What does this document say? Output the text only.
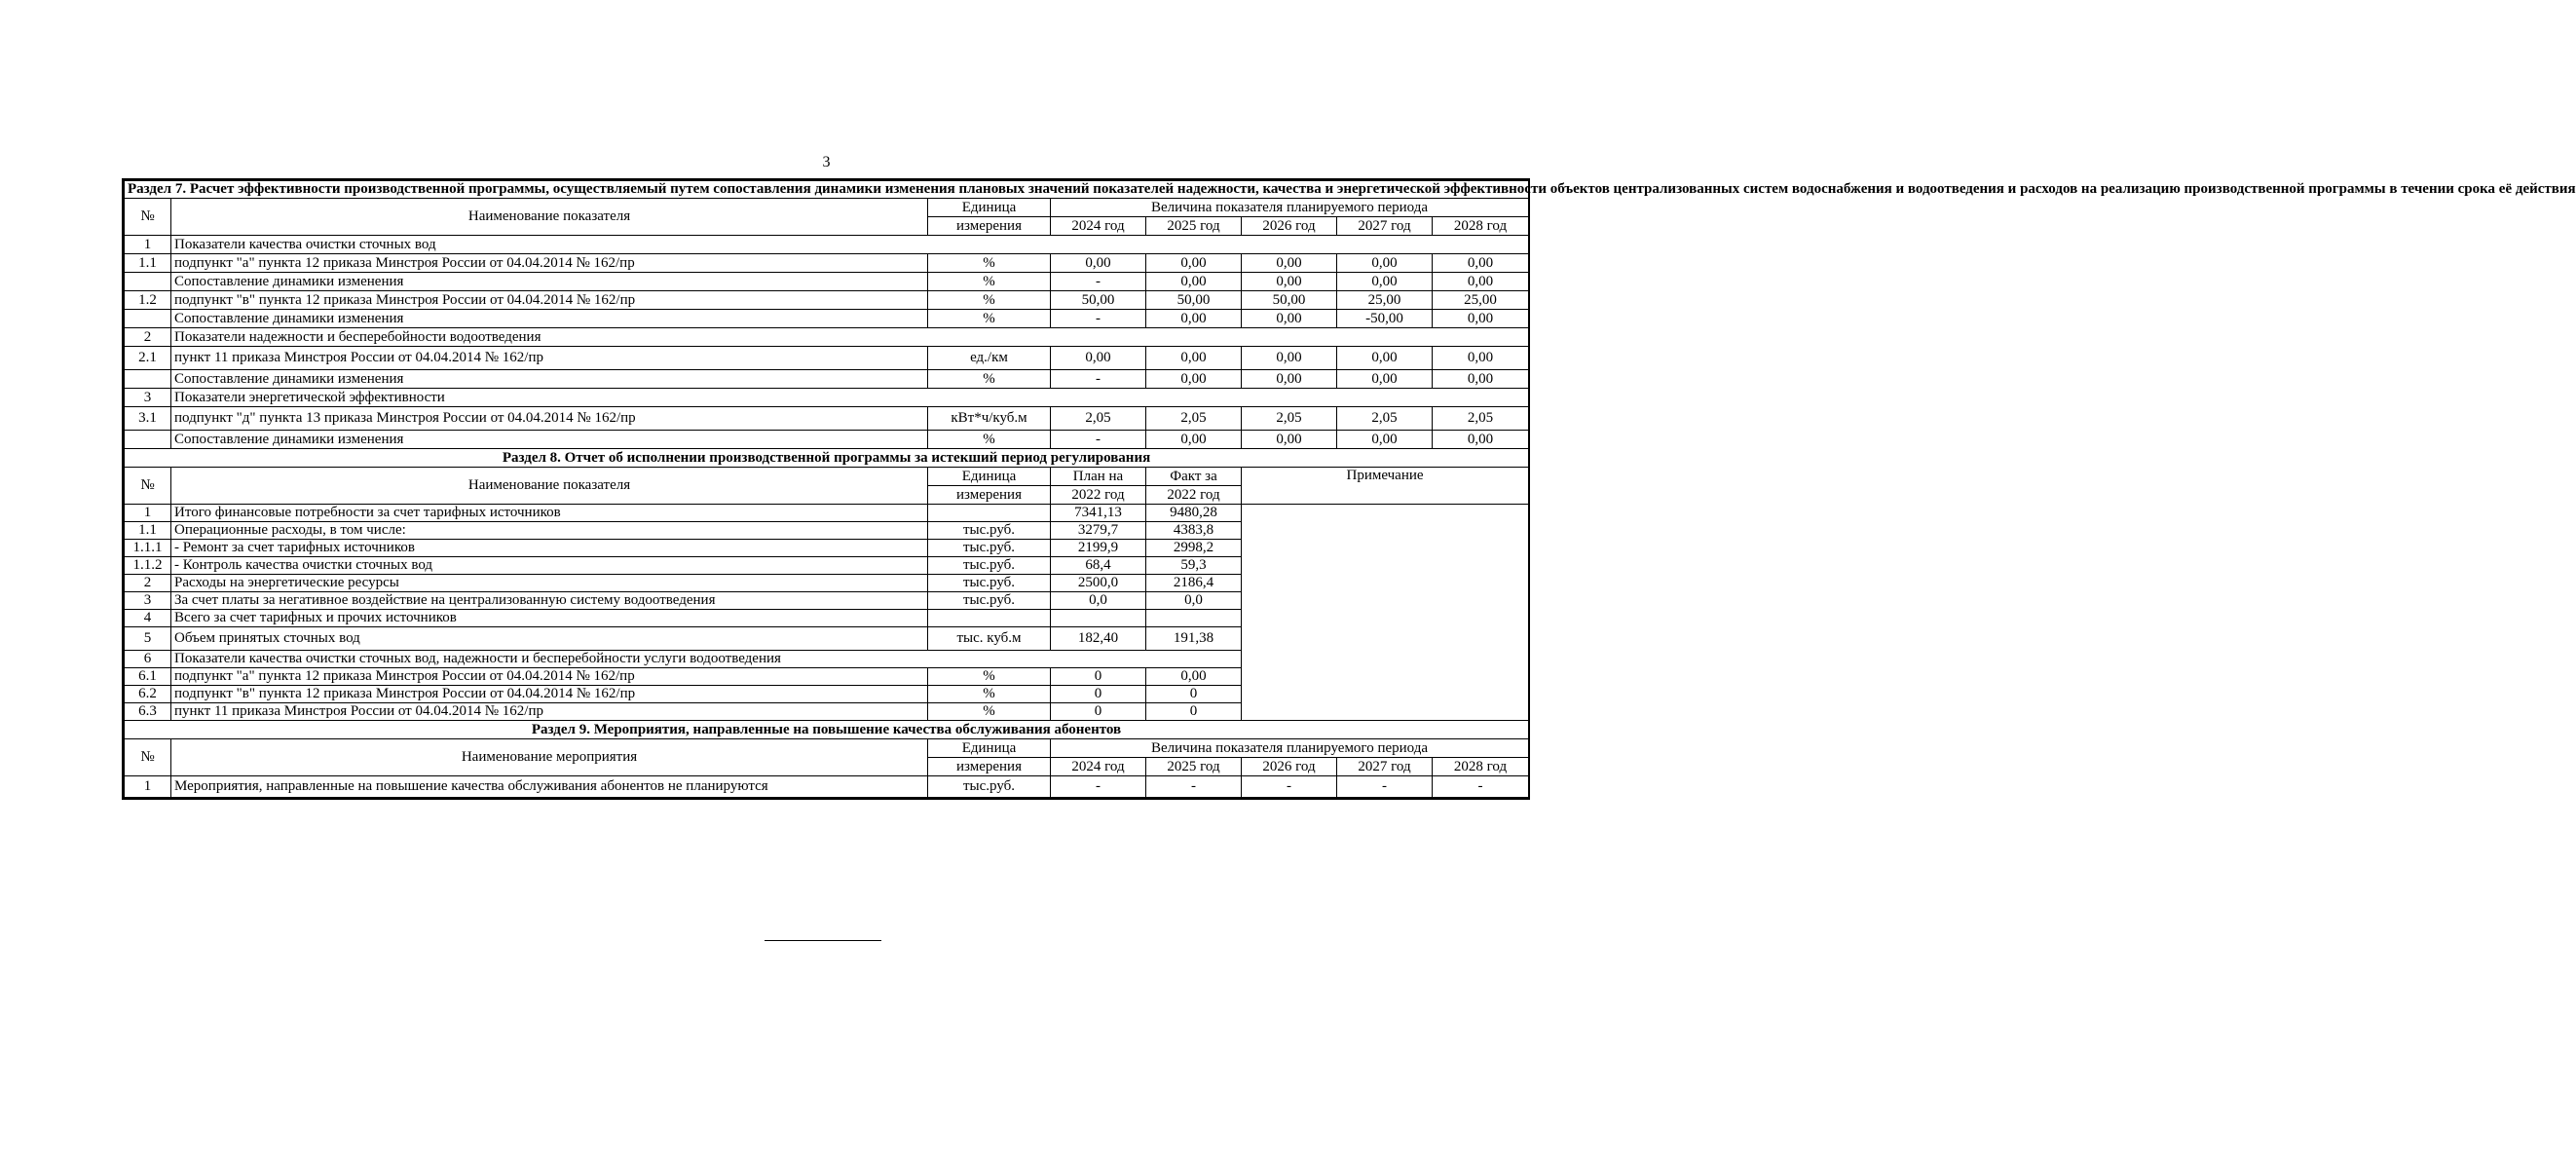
3
Раздел 7. Расчет эффективности производственной программы, осуществляемый путем сопоставления динамики изменения плановых значений показателей надежности, качества и энергетической эффективности объектов централизованных систем водоснабжения и водоотведения и расходов на реализацию производственной программы в течении срока её действия							
№	Наименование показателя	Единица	Величина показателя планируемого периода				
		измерения	2024 год	2025 год	2026 год	2027 год	2028 год
1	Показатели качества очистки сточных вод						
1.1	подпункт "а" пункта 12 приказа Минстроя России от 04.04.2014 № 162/пр	%	0,00	0,00	0,00	0,00	0,00
	Сопоставление динамики изменения	%	-	0,00	0,00	0,00	0,00
1.2	подпункт "в" пункта 12 приказа Минстроя России от 04.04.2014 № 162/пр	%	50,00	50,00	50,00	25,00	25,00
	Сопоставление динамики изменения	%	-	0,00	0,00	-50,00	0,00
2	Показатели надежности и бесперебойности водоотведения						
2.1	пункт 11 приказа Минстроя России от 04.04.2014 № 162/пр	ед./км	0,00	0,00	0,00	0,00	0,00
	Сопоставление динамики изменения	%	-	0,00	0,00	0,00	0,00
3	Показатели энергетической эффективности						
3.1	подпункт "д" пункта 13 приказа Минстроя России от 04.04.2014 № 162/пр	кВт*ч/куб.м	2,05	2,05	2,05	2,05	2,05
	Сопоставление динамики изменения	%	-	0,00	0,00	0,00	0,00
Раздел 8. Отчет об исполнении производственной программы за истекший период регулирования							
№	Наименование показателя	Единица	План на	Факт за	Примечание		
		измерения	2022 год	2022 год			
1	Итого финансовые потребности за счет тарифных источников		7341,13	9480,28			
1.1	Операционные расходы, в том числе:	тыс.руб.	3279,7	4383,8			
1.1.1	- Ремонт за счет тарифных источников	тыс.руб.	2199,9	2998,2			
1.1.2	- Контроль качества очистки сточных вод	тыс.руб.	68,4	59,3			
2	Расходы на энергетические ресурсы	тыс.руб.	2500,0	2186,4			
3	За счет платы за негативное воздействие на централизованную систему водоотведения	тыс.руб.	0,0	0,0			
4	Всего за счет тарифных и прочих источников						
5	Объем принятых сточных вод	тыс. куб.м	182,40	191,38			
6	Показатели качества очистки сточных вод, надежности и бесперебойности услуги водоотведения						
6.1	подпункт "а" пункта 12 приказа Минстроя России от 04.04.2014 № 162/пр	%	0	0,00			
6.2	подпункт "в" пункта 12 приказа Минстроя России от 04.04.2014 № 162/пр	%	0	0			
6.3	пункт 11 приказа Минстроя России от 04.04.2014 № 162/пр	%	0	0			
Раздел 9. Мероприятия, направленные на повышение качества обслуживания абонентов							
№	Наименование мероприятия	Единица	Величина показателя планируемого периода				
		измерения	2024 год	2025 год	2026 год	2027 год	2028 год
1	Мероприятия, направленные на повышение качества обслуживания абонентов не планируются	тыс.руб.	-	-	-	-	-
